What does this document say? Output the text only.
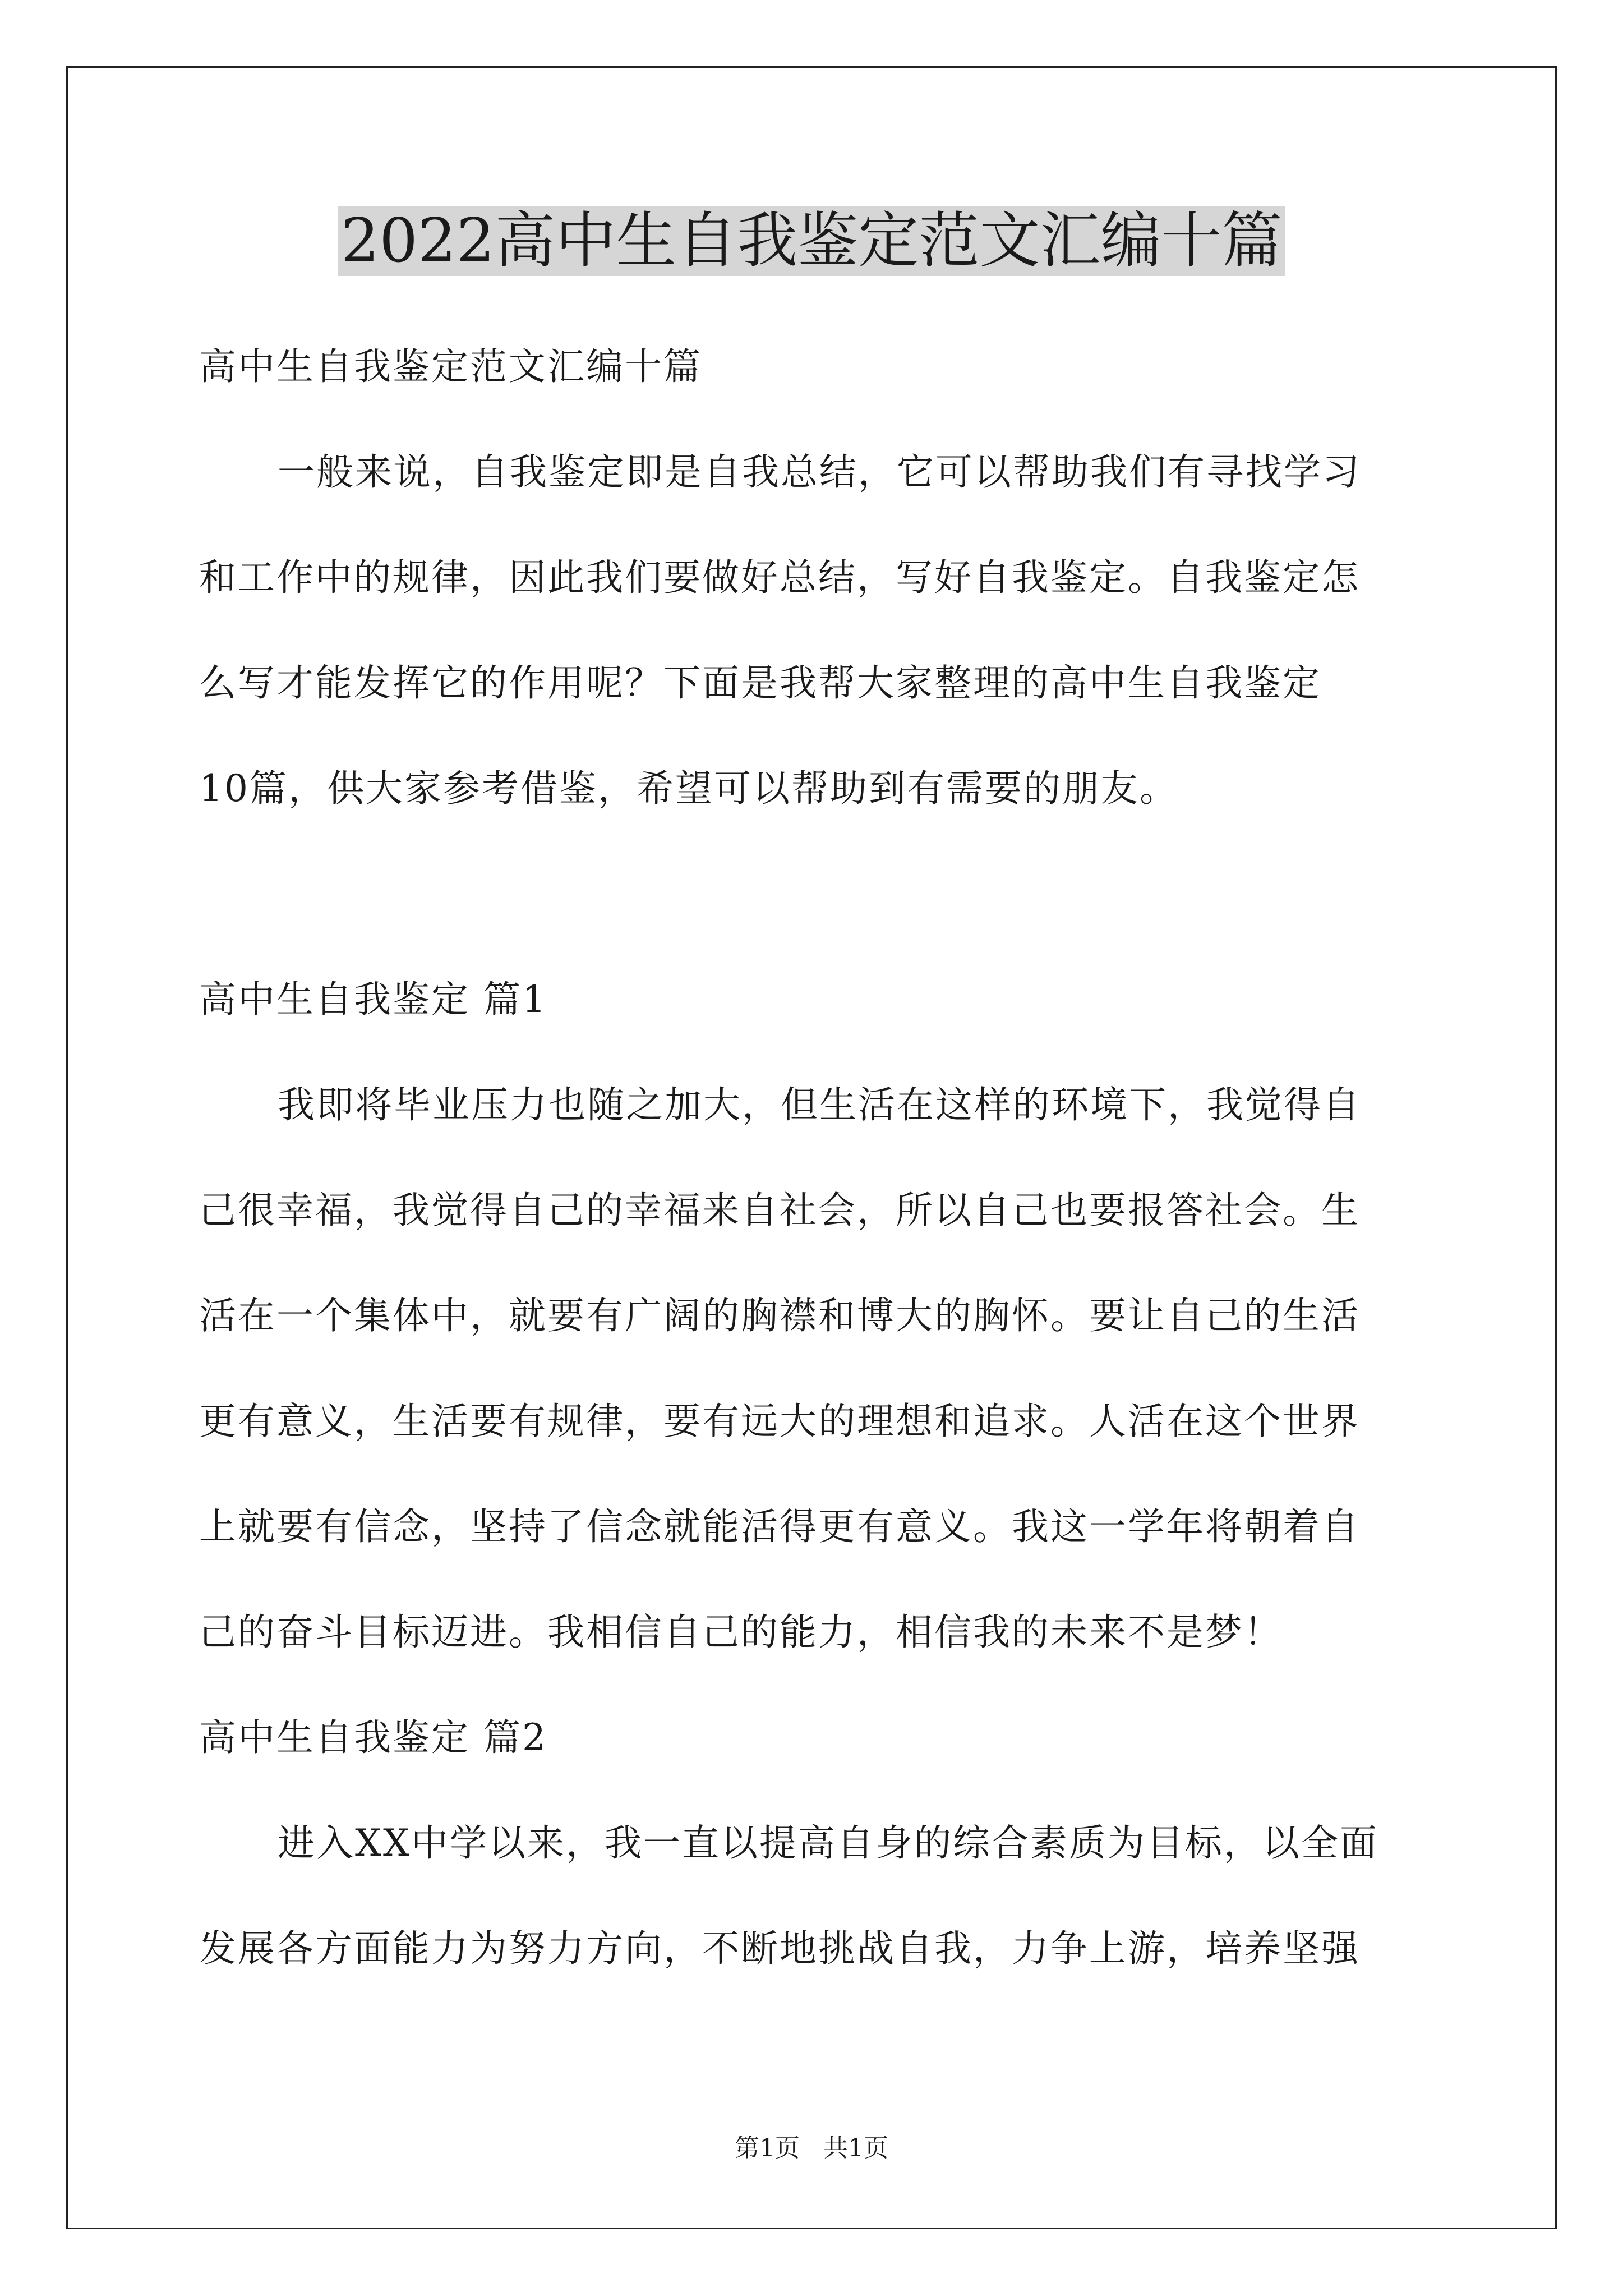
2022高中生自我鉴定范文汇编十篇

高中生自我鉴定范文汇编十篇

一般来说，自我鉴定即是自我总结，它可以帮助我们有寻找学习

和工作中的规律，因此我们要做好总结，写好自我鉴定。自我鉴定怎

么写才能发挥它的作用呢？下面是我帮大家整理的高中生自我鉴定

10篇，供大家参考借鉴，希望可以帮助到有需要的朋友。

高中生自我鉴定 篇1

我即将毕业压力也随之加大，但生活在这样的环境下，我觉得自

己很幸福，我觉得自己的幸福来自社会，所以自己也要报答社会。生

活在一个集体中，就要有广阔的胸襟和博大的胸怀。要让自己的生活

更有意义，生活要有规律，要有远大的理想和追求。人活在这个世界

上就要有信念，坚持了信念就能活得更有意义。我这一学年将朝着自

己的奋斗目标迈进。我相信自己的能力，相信我的未来不是梦！

高中生自我鉴定 篇2

进入XX中学以来，我一直以提高自身的综合素质为目标，以全面

发展各方面能力为努力方向，不断地挑战自我，力争上游，培养坚强

第1页   共1页
